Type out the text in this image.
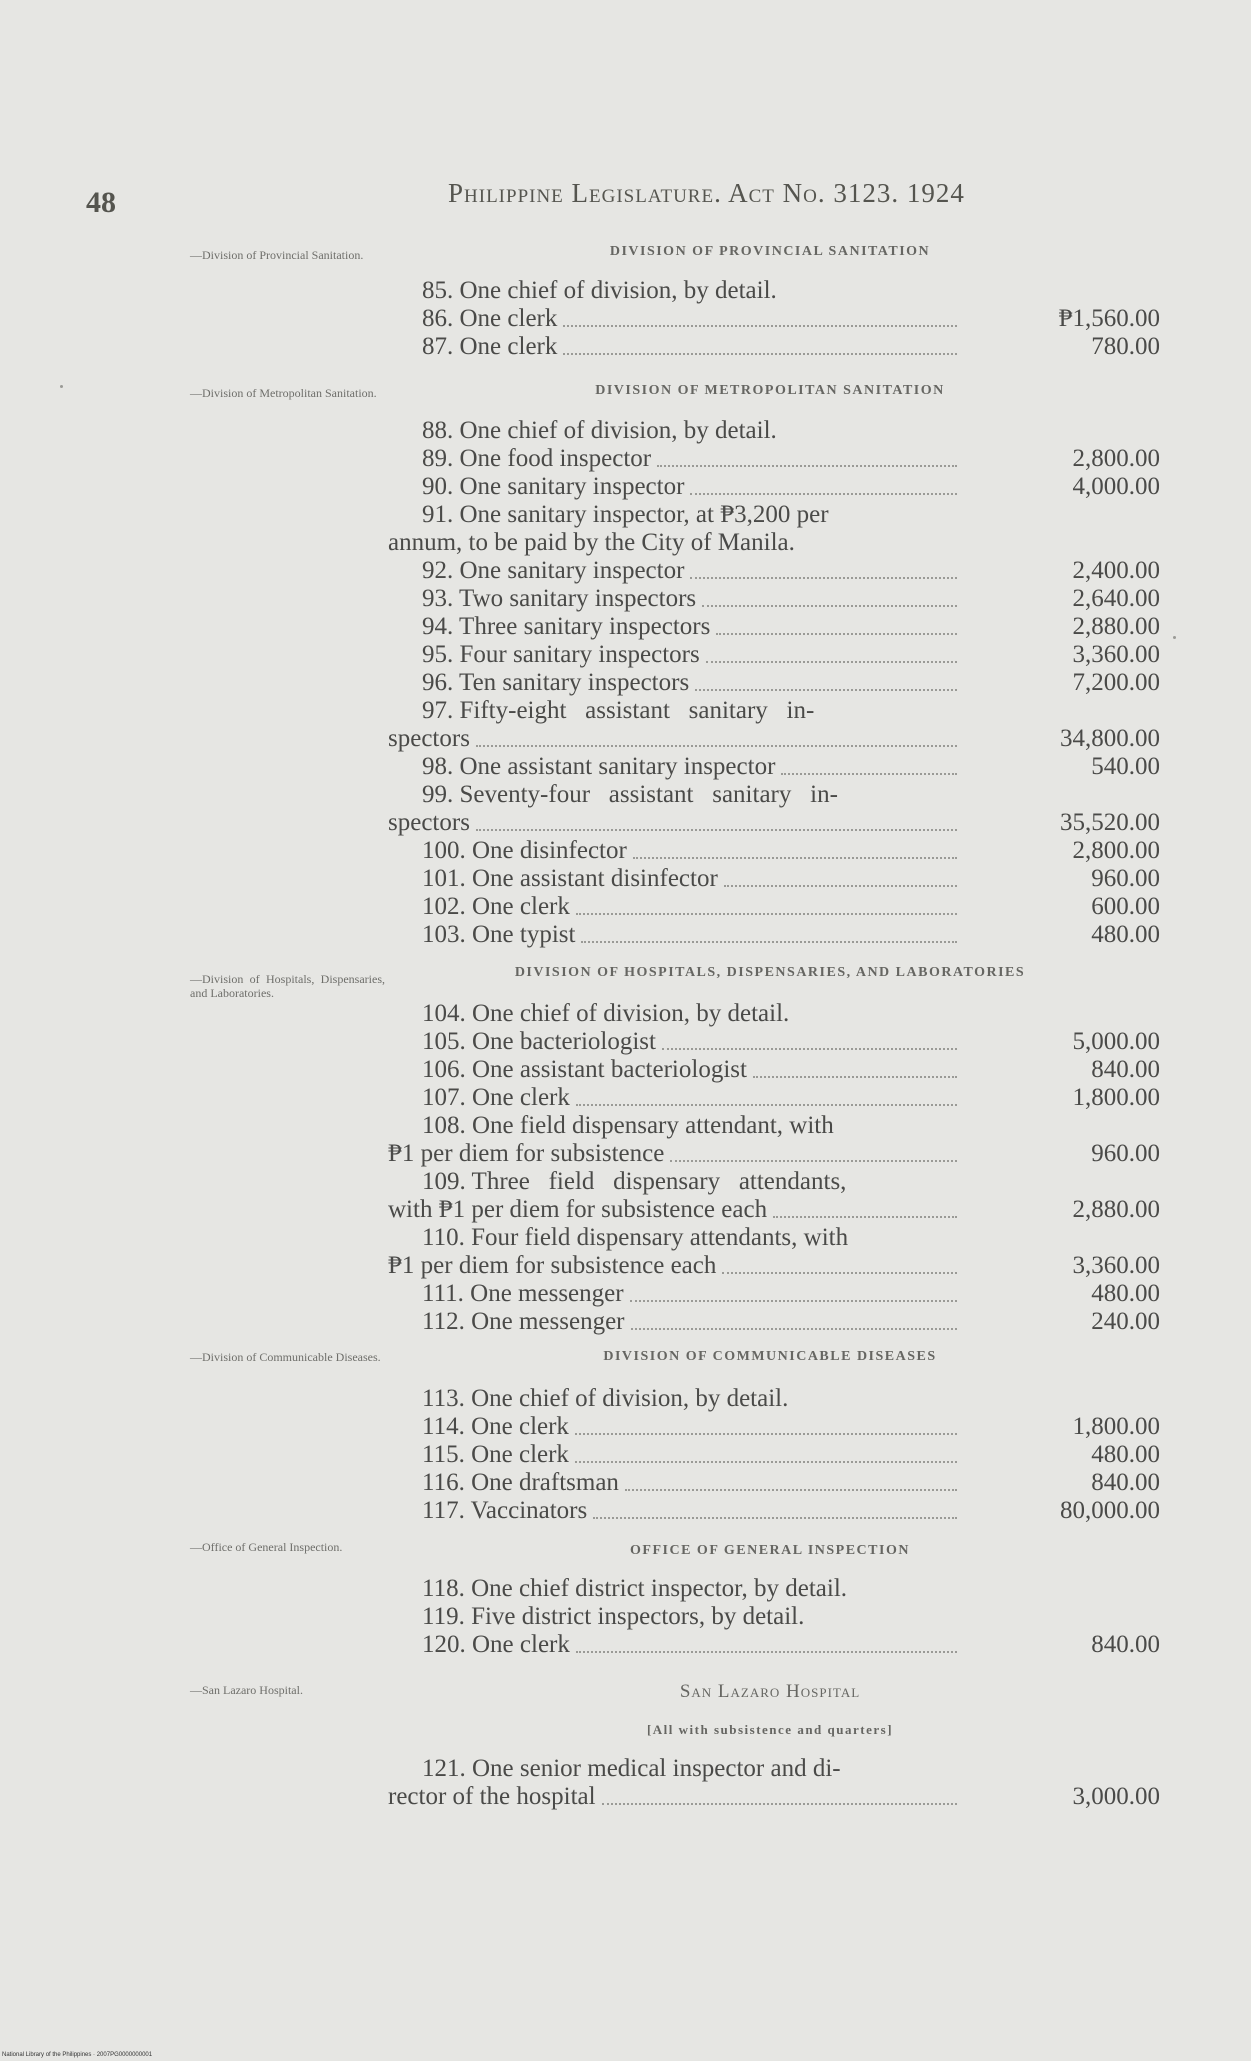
48	Philippine Legislature. Act No. 3123. 1924
—Division of Provincial Sanitation.
—Division of Metropolitan Sanitation.
—Division of Hospitals, Dispensaries, and Laboratories.
—Division of Communicable Diseases.
—Office of General Inspection.
—San Lazaro Hospital.
DIVISION OF PROVINCIAL SANITATION
DIVISION OF METROPOLITAN SANITATION
DIVISION OF HOSPITALS, DISPENSARIES, AND LABORATORIES
DIVISION OF COMMUNICABLE DISEASES
OFFICE OF GENERAL INSPECTION
San Lazaro Hospital
[All with subsistence and quarters]
85. One chief of division, by detail.
86. One clerk	₱1,560.00
87. One clerk	780.00
88. One chief of division, by detail.
89. One food inspector	2,800.00
90. One sanitary inspector	4,000.00
91. One sanitary inspector, at ₱3,200 per
annum, to be paid by the City of Manila.
92. One sanitary inspector	2,400.00
93. Two sanitary inspectors	2,640.00
94. Three sanitary inspectors	2,880.00
95. Four sanitary inspectors	3,360.00
96. Ten sanitary inspectors	7,200.00
97. Fifty-eight   assistant   sanitary   in-
spectors	34,800.00
98. One assistant sanitary inspector	540.00
99. Seventy-four   assistant   sanitary   in-
spectors	35,520.00
100. One disinfector	2,800.00
101. One assistant disinfector	960.00
102. One clerk	600.00
103. One typist	480.00
104. One chief of division, by detail.
105. One bacteriologist	5,000.00
106. One assistant bacteriologist	840.00
107. One clerk	1,800.00
108. One field dispensary attendant, with
₱1 per diem for subsistence	960.00
109. Three   field   dispensary   attendants,
with ₱1 per diem for subsistence each	2,880.00
110. Four field dispensary attendants, with
₱1 per diem for subsistence each	3,360.00
111. One messenger	480.00
112. One messenger	240.00
113. One chief of division, by detail.
114. One clerk	1,800.00
115. One clerk	480.00
116. One draftsman	840.00
117. Vaccinators	80,000.00
118. One chief district inspector, by detail.
119. Five district inspectors, by detail.
120. One clerk	840.00
121. One senior medical inspector and di-
rector of the hospital	3,000.00
National Library of the Philippines · 2007PG0000000001
